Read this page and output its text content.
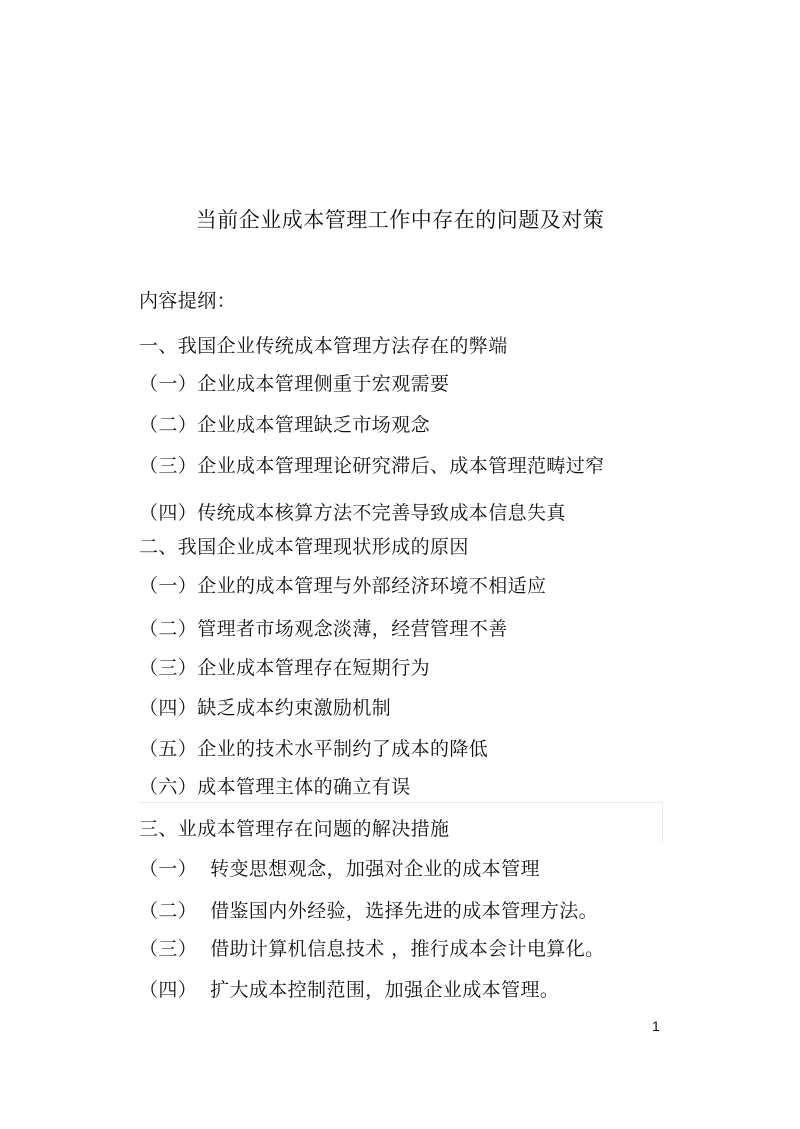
当前企业成本管理工作中存在的问题及对策
内容提纲：
一、我国企业传统成本管理方法存在的弊端
（一）企业成本管理侧重于宏观需要
（二）企业成本管理缺乏市场观念
（三）企业成本管理理论研究滞后、成本管理范畴过窄
（四）传统成本核算方法不完善导致成本信息失真
二、我国企业成本管理现状形成的原因
（一）企业的成本管理与外部经济环境不相适应
（二）管理者市场观念淡薄，经营管理不善
（三）企业成本管理存在短期行为
（四）缺乏成本约束激励机制
（五）企业的技术水平制约了成本的降低
（六）成本管理主体的确立有误
三、业成本管理存在问题的解决措施
（一）  转变思想观念，加强对企业的成本管理
（二）  借鉴国内外经验，选择先进的成本管理方法。
（三）  借助计算机信息技术 ，推行成本会计电算化。
（四）  扩大成本控制范围，加强企业成本管理。
1
